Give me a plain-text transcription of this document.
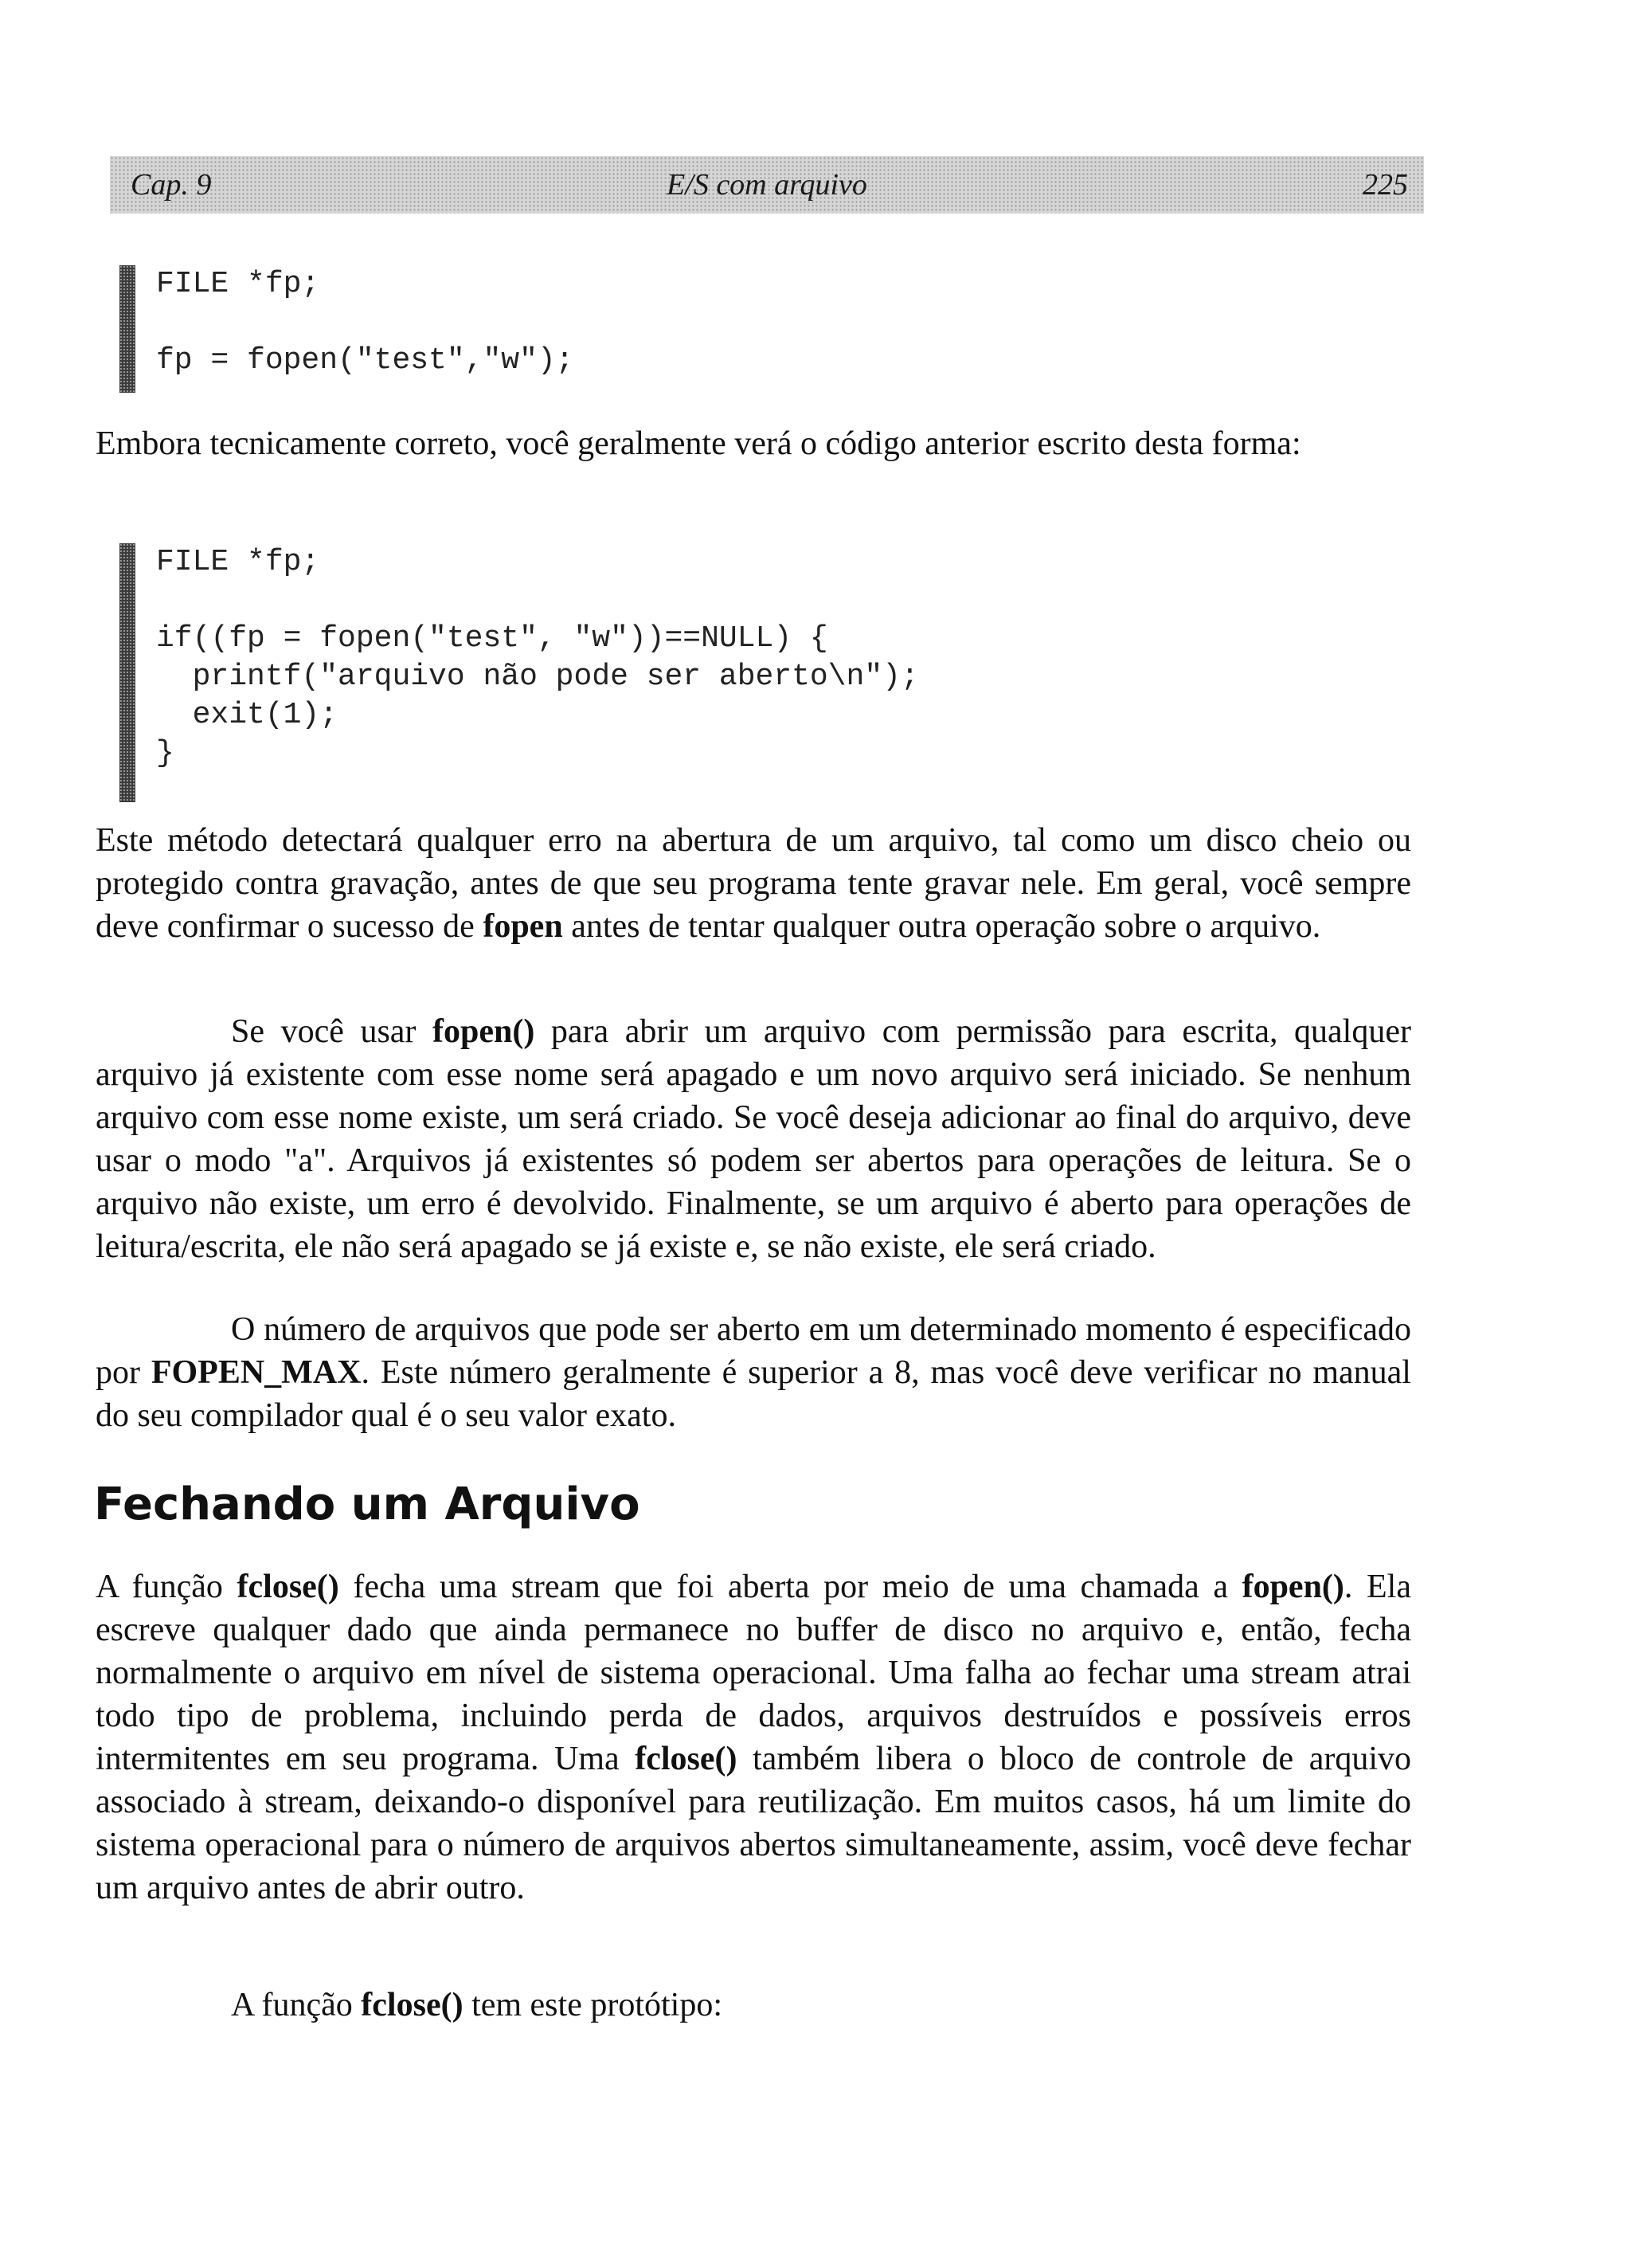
Cap. 9	E/S com arquivo	225
FILE *fp;

fp = fopen("test","w");

Embora tecnicamente correto, você geralmente verá o código anterior escrito desta forma:

FILE *fp;

if((fp = fopen("test", "w"))==NULL) {
printf("arquivo não pode ser aberto\n");
exit(1);
}

Este método detectará qualquer erro na abertura de um arquivo, tal como um disco cheio ou protegido contra gravação, antes de que seu programa tente gravar nele. Em geral, você sempre deve confirmar o sucesso de fopen antes de tentar qualquer outra operação sobre o arquivo.

Se você usar fopen() para abrir um arquivo com permissão para escrita, qualquer arquivo já existente com esse nome será apagado e um novo arquivo será iniciado. Se nenhum arquivo com esse nome existe, um será criado. Se você deseja adicionar ao final do arquivo, deve usar o modo "a". Arquivos já existentes só podem ser abertos para operações de leitura. Se o arquivo não existe, um erro é devolvido. Finalmente, se um arquivo é aberto para operações de leitura/escrita, ele não será apagado se já existe e, se não existe, ele será criado.

O número de arquivos que pode ser aberto em um determinado momento é especificado por FOPEN_MAX. Este número geralmente é superior a 8, mas você deve verificar no manual do seu compilador qual é o seu valor exato.

Fechando um Arquivo

A função fclose() fecha uma stream que foi aberta por meio de uma chamada a fopen(). Ela escreve qualquer dado que ainda permanece no buffer de disco no arquivo e, então, fecha normalmente o arquivo em nível de sistema operacional. Uma falha ao fechar uma stream atrai todo tipo de problema, incluindo perda de dados, arquivos destruídos e possíveis erros intermitentes em seu programa. Uma fclose() também libera o bloco de controle de arquivo associado à stream, deixando-o disponível para reutilização. Em muitos casos, há um limite do sistema operacional para o número de arquivos abertos simultaneamente, assim, você deve fechar um arquivo antes de abrir outro.

A função fclose() tem este protótipo:
